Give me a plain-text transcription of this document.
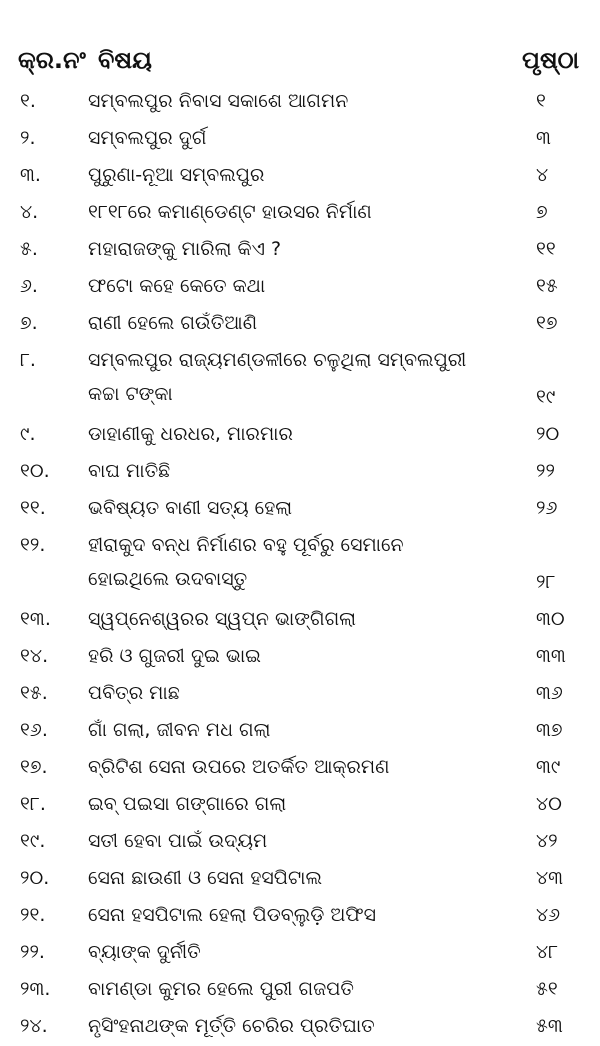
କ୍ର.ନଂ ବିଷୟ	ପୃଷ୍ଠା
୧.	ସମ୍ବଲପୁର ନିବାସ ସକାଶେ ଆଗମନ	୧
୨.	ସମ୍ବଲପୁର ଦୁର୍ଗ	୩
୩. ପୁରୁଣା-ନୂଆ ସମ୍ବଲପୁର	୪
୪.	୧୮୧୮ରେ କମାଣ୍ଡେଣ୍ଟ ହାଉସର ନିର୍ମାଣ	୭
୫.	ମହାରାଜଙ୍କୁ ମାରିଲା କିଏ ?	୧୧
୬.	ଫଟୋ କହେ କେତେ କଥା	୧୫
୭.	ରାଣୀ ହେଲେ ଗଉଁତିଆଣି	୧୭
୮.	ସମ୍ବଲପୁର ରାଜ୍ୟମଣ୍ଡଳୀରେ ଚଳୁଥିଲା ସମ୍ବଲପୁରୀ
କଚ୍ଚା ଟଙ୍କା	୧୯
୯.	ଡାହାଣୀକୁ ଧରଧର, ମାରମାର	୨୦
୧୦. ବାଘ ମାତିଛି	୨୨
୧୧. ଭବିଷ୍ୟତ ବାଣୀ ସତ୍ୟ ହେଲା	୨୬
୧୨. ହୀରାକୁଦ ବନ୍ଧ ନିର୍ମାଣର ବହୁ ପୂର୍ବରୁ ସେମାନେ
ହୋଇଥିଲେ ଉଦବାସ୍ତୁ	୨୮
୧୩. ସ୍ୱପ୍ନେଶ୍ୱରର ସ୍ୱପ୍ନ ଭାଙ୍ଗିଗଲା	୩୦
୧୪. ହରି ଓ ଗୁଜରୀ ଦୁଇ ଭାଇ	୩୩
୧୫. ପବିତ୍ର ମାଛ	୩୬
୧୬. ଗାଁ ଗଲା, ଜୀବନ ମଧ ଗଲା	୩୭
୧୭. ବ୍ରିଟିଶ ସେନା ଉପରେ ଅତର୍କିତ ଆକ୍ରମଣ	୩୯
୧୮. ଇବ୍ ପଇସା ଗଙ୍ଗାରେ ଗଲା	୪୦
୧୯. ସତୀ ହେବା ପାଇଁ ଉଦ୍ୟମ	୪୨
୨୦. ସେନା ଛାଉଣୀ ଓ ସେନା ହସପିଟାଲ	୪୩
୨୧. ସେନା ହସପିଟାଲ ହେଲା ପିଡବ୍ଲୁଡ଼ି ଅଫିସ	୪୬
୨୨. ବ୍ୟାଙ୍କ ଦୁର୍ନୀତି	୪୮
୨୩. ବାମଣ୍ଡା କୁମର ହେଲେ ପୁରୀ ଗଜପତି	୫୧
୨୪. ନୃସିଂହନାଥଙ୍କ ମୂର୍ତ୍ତି ଚେରିର ପ୍ରତିଘାତ	୫୩
